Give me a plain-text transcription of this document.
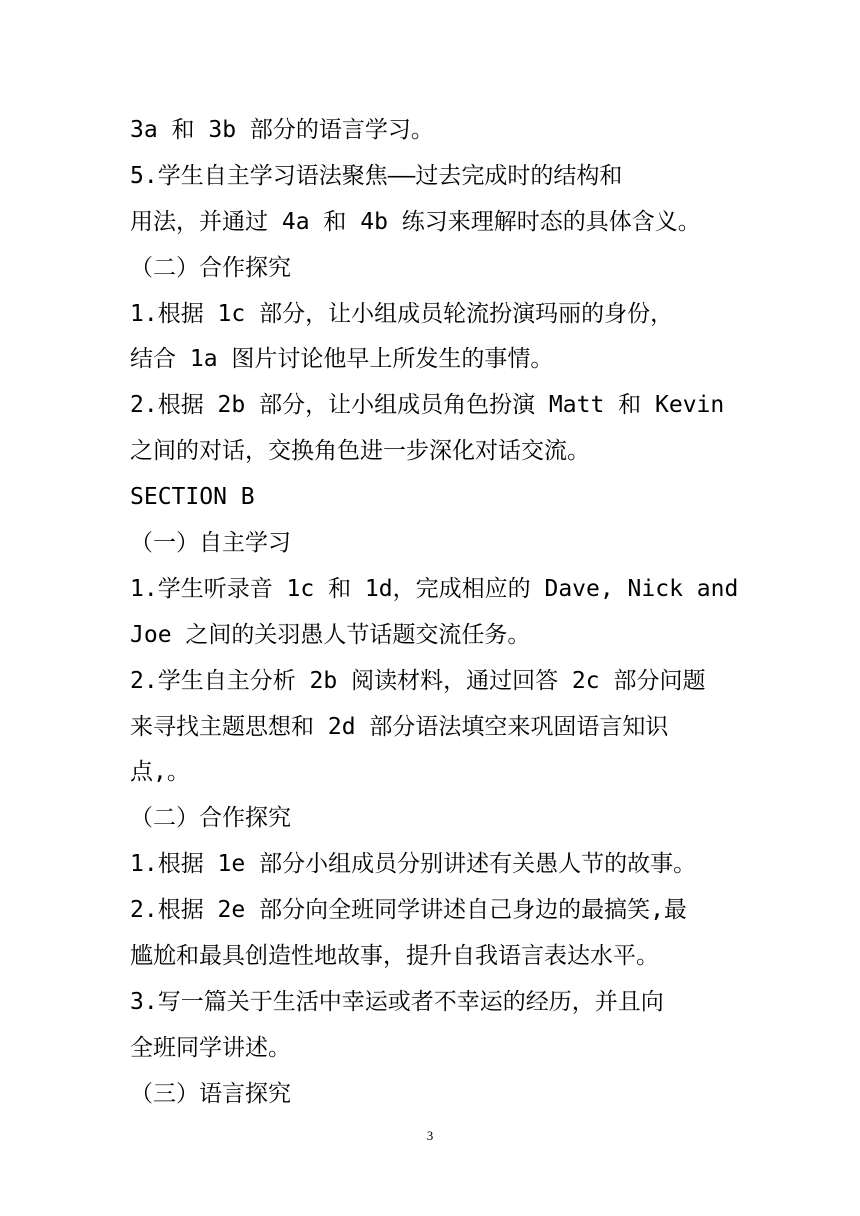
3a 和 3b 部分的语言学习。
5.学生自主学习语法聚焦——过去完成时的结构和
用法，并通过 4a 和 4b 练习来理解时态的具体含义。
（二）合作探究
1.根据 1c 部分，让小组成员轮流扮演玛丽的身份，
结合 1a 图片讨论他早上所发生的事情。
2.根据 2b 部分，让小组成员角色扮演 Matt 和 Kevin
之间的对话，交换角色进一步深化对话交流。
SECTION B
（一）自主学习
1.学生听录音 1c 和 1d，完成相应的 Dave, Nick and
Joe 之间的关羽愚人节话题交流任务。
2.学生自主分析 2b 阅读材料，通过回答 2c 部分问题
来寻找主题思想和 2d 部分语法填空来巩固语言知识
点,。
（二）合作探究
1.根据 1e 部分小组成员分别讲述有关愚人节的故事。
2.根据 2e 部分向全班同学讲述自己身边的最搞笑,最
尴尬和最具创造性地故事，提升自我语言表达水平。
3.写一篇关于生活中幸运或者不幸运的经历，并且向
全班同学讲述。
（三）语言探究
3
